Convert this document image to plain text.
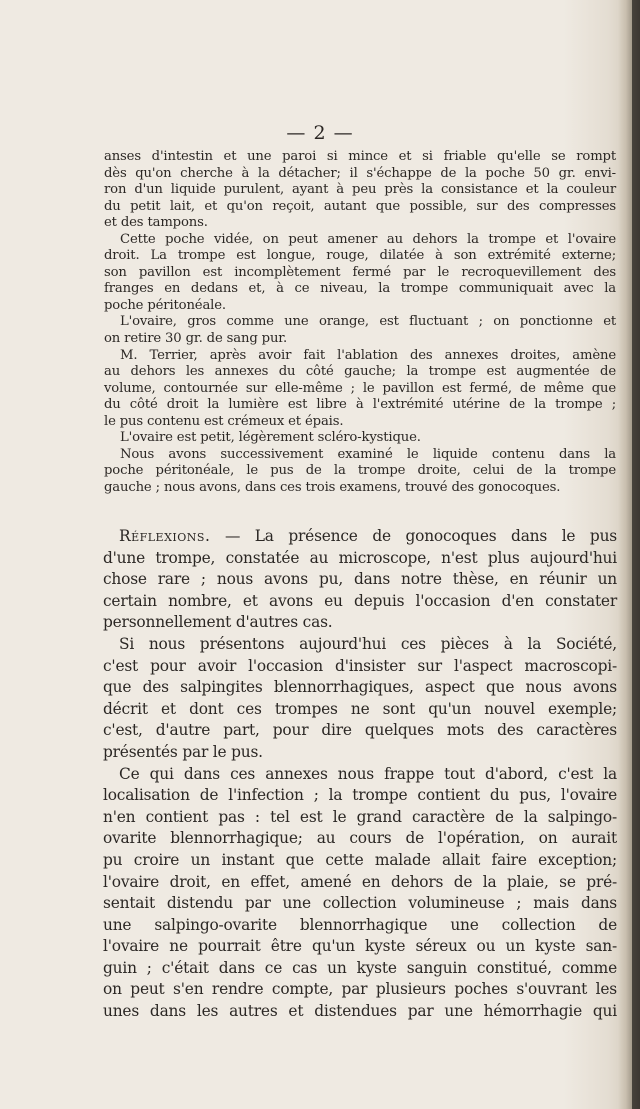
— 2 —
anses d'intestin et une paroi si mince et si friable qu'elle se rompt
dès qu'on cherche à la détacher; il s'échappe de la poche 50 gr. envi-
ron d'un liquide purulent, ayant à peu près la consistance et la couleur
du petit lait, et qu'on reçoit, autant que possible, sur des compresses
et des tampons.
Cette poche vidée, on peut amener au dehors la trompe et l'ovaire
droit. La trompe est longue, rouge, dilatée à son extrémité externe;
son pavillon est incomplètement fermé par le recroquevillement des
franges en dedans et, à ce niveau, la trompe communiquait avec la
poche péritonéale.
L'ovaire, gros comme une orange, est fluctuant ; on ponctionne et
on retire 30 gr. de sang pur.
M. Terrier, après avoir fait l'ablation des annexes droites, amène
au dehors les annexes du côté gauche; la trompe est augmentée de
volume, contournée sur elle-même ; le pavillon est fermé, de même que
du côté droit la lumière est libre à l'extrémité utérine de la trompe ;
le pus contenu est crémeux et épais.
L'ovaire est petit, légèrement scléro-kystique.
Nous avons successivement examiné le liquide contenu dans la
poche péritonéale, le pus de la trompe droite, celui de la trompe
gauche ; nous avons, dans ces trois examens, trouvé des gonocoques.
Réflexions. — La présence de gonocoques dans le pus
d'une trompe, constatée au microscope, n'est plus aujourd'hui
chose rare ; nous avons pu, dans notre thèse, en réunir un
certain nombre, et avons eu depuis l'occasion d'en constater
personnellement d'autres cas.
Si nous présentons aujourd'hui ces pièces à la Société,
c'est pour avoir l'occasion d'insister sur l'aspect macroscopi-
que des salpingites blennorrhagiques, aspect que nous avons
décrit et dont ces trompes ne sont qu'un nouvel exemple;
c'est, d'autre part, pour dire quelques mots des caractères
présentés par le pus.
Ce qui dans ces annexes nous frappe tout d'abord, c'est la
localisation de l'infection ; la trompe contient du pus, l'ovaire
n'en contient pas : tel est le grand caractère de la salpingo-
ovarite blennorrhagique; au cours de l'opération, on aurait
pu croire un instant que cette malade allait faire exception;
l'ovaire droit, en effet, amené en dehors de la plaie, se pré-
sentait distendu par une collection volumineuse ; mais dans
une salpingo-ovarite blennorrhagique une collection de
l'ovaire ne pourrait être qu'un kyste séreux ou un kyste san-
guin ; c'était dans ce cas un kyste sanguin constitué, comme
on peut s'en rendre compte, par plusieurs poches s'ouvrant les
unes dans les autres et distendues par une hémorrhagie qui
